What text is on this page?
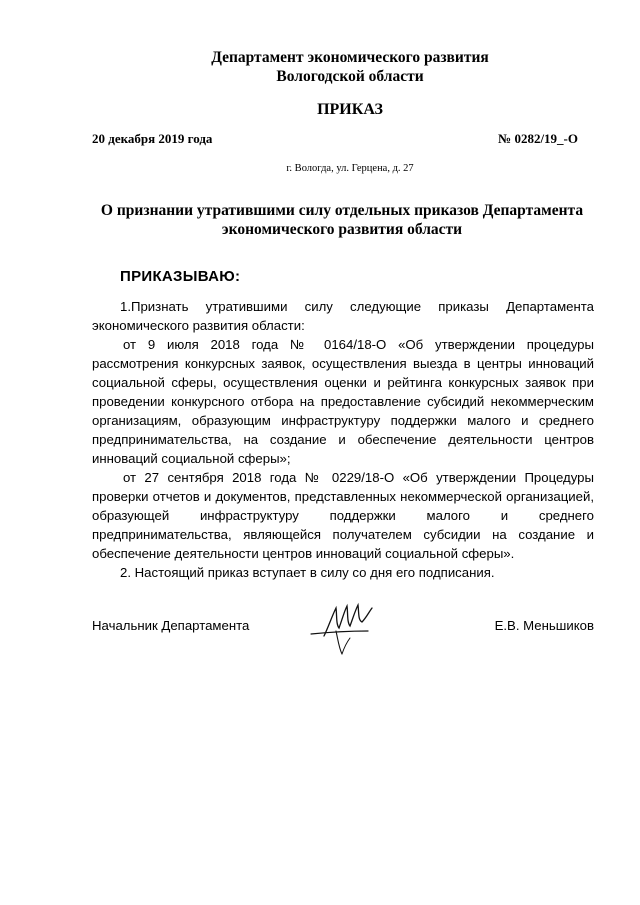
Департамент экономического развития
Вологодской области
ПРИКАЗ
20 декабря 2019 года	№ 0282/19_-О
г. Вологда, ул. Герцена, д. 27
О признании утратившими силу отдельных приказов Департамента
экономического развития области
ПРИКАЗЫВАЮ:

1.Признать утратившими силу следующие приказы Департамента экономического развития области:

от 9 июля 2018 года № 0164/18-О «Об утверждении процедуры рассмотрения конкурсных заявок, осуществления выезда в центры инноваций социальной сферы, осуществления оценки и рейтинга конкурсных заявок при проведении конкурсного отбора на предоставление субсидий некоммерческим организациям, образующим инфраструктуру поддержки малого и среднего предпринимательства, на создание и обеспечение деятельности центров инноваций социальной сферы»;

от 27 сентября 2018 года № 0229/18-О «Об утверждении Процедуры проверки отчетов и документов, представленных некоммерческой организацией, образующей инфраструктуру поддержки малого и среднего предпринимательства, являющейся получателем субсидии на создание и обеспечение деятельности центров инноваций социальной сферы».

2. Настоящий приказ вступает в силу со дня его подписания.

Начальник Департамента	Е.В. Меньшиков
